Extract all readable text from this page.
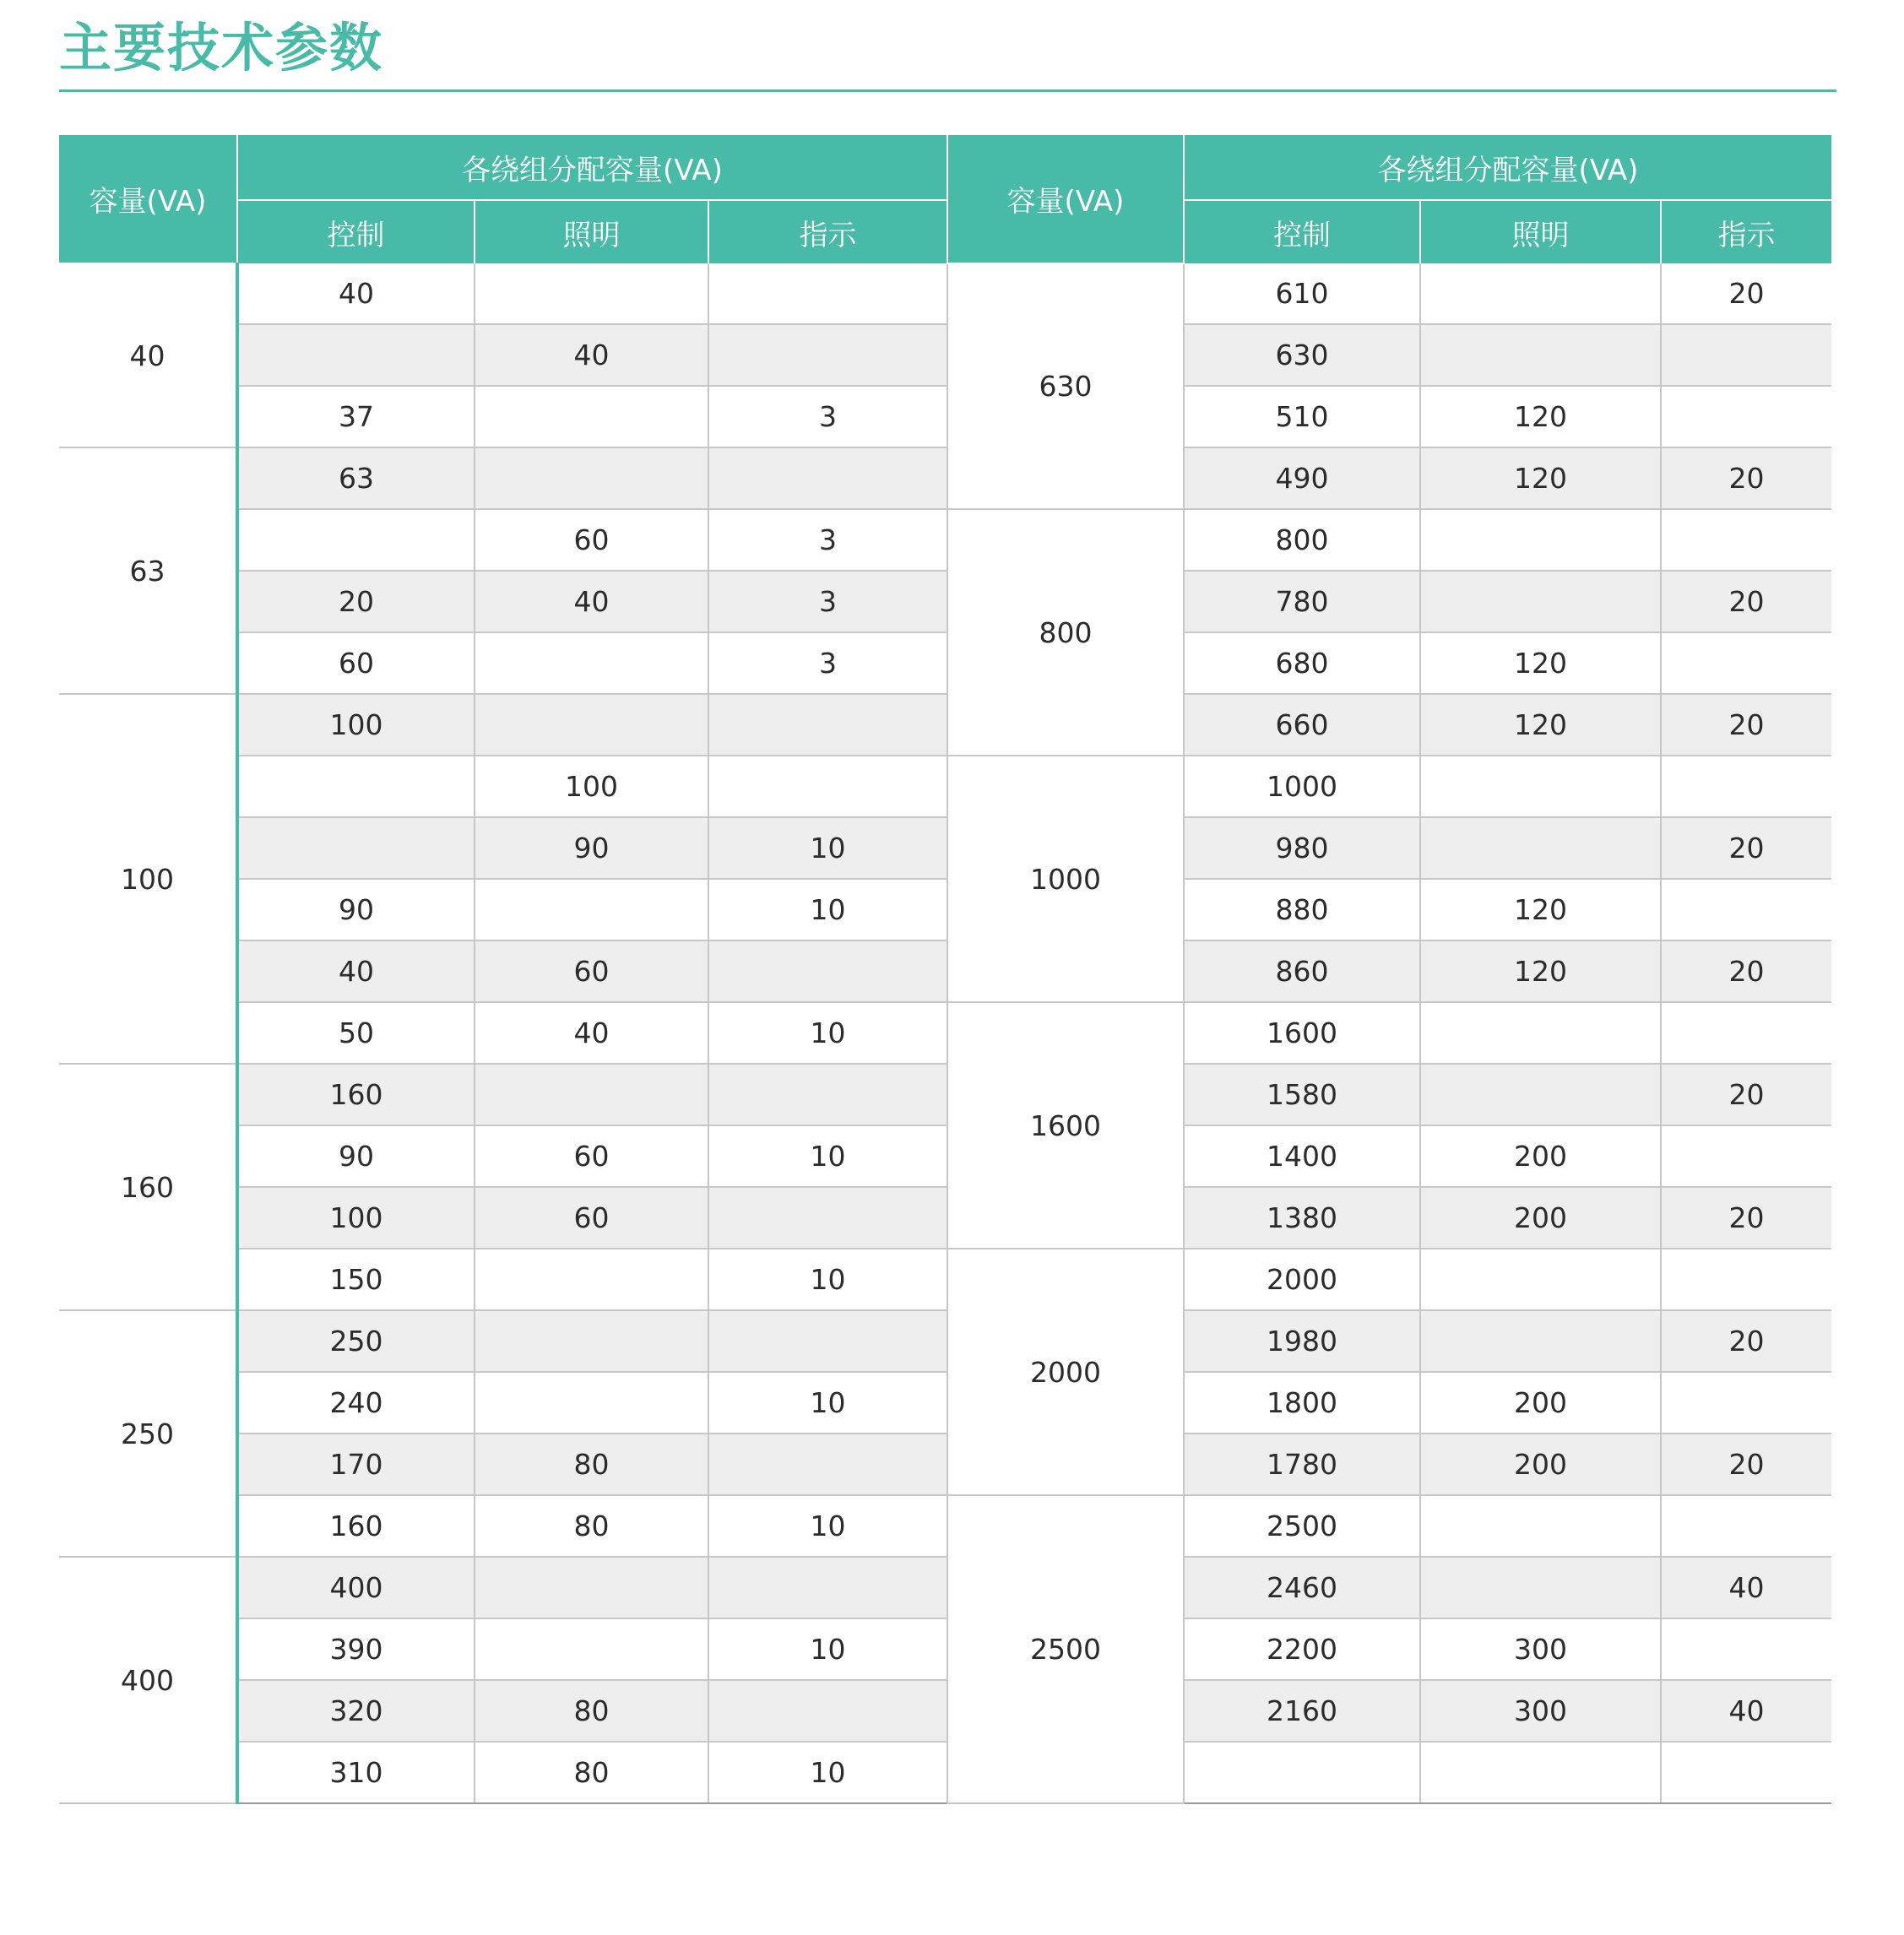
主要技术参数
容量(VA)	各绕组分配容量(VA)			容量(VA)	各绕组分配容量(VA)		
	控制	照明	指示		控制	照明	指示
40	40			630	610		20
		40			630		
	37		3		510	120	
63	63				490	120	20
		60	3	800	800		
	20	40	3		780		20
	60		3		680	120	
100	100				660	120	20
		100		1000	1000		
		90	10		980		20
	90		10		880	120	
	40	60			860	120	20
	50	40	10	1600	1600		
160	160				1580		20
	90	60	10		1400	200	
	100	60			1380	200	20
	150		10	2000	2000		
250	250				1980		20
	240		10		1800	200	
	170	80			1780	200	20
	160	80	10	2500	2500		
400	400				2460		40
	390		10		2200	300	
	320	80			2160	300	40
	310	80	10				
